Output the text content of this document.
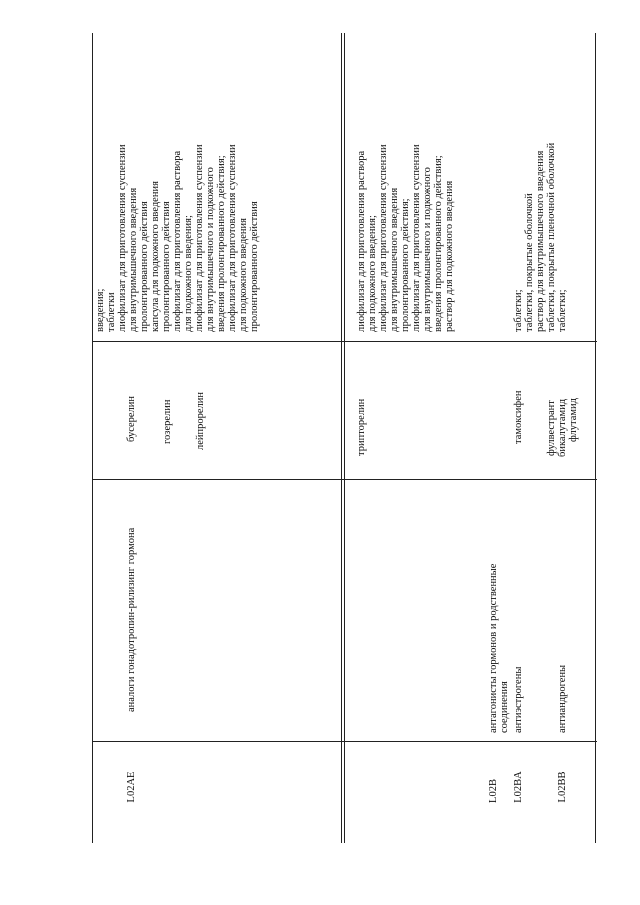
L02AE
аналоги гонадотропин-рилизинг гормона
бусерелин гозерелин лейпрорелин
введения; таблетки лиофилизат для приготовления суспензии для внутримышечного введения пролонгированного действия капсула для подкожного введения пролонгированного действия лиофилизат для приготовления раствора для подкожного введения; лиофилизат для приготовления суспензии для внутримышечного и подкожного введения пролонгированного действия; лиофилизат для приготовления суспензии для подкожного введения пролонгированного действия
трипторелин
лиофилизат для приготовления раствора для подкожного введения; лиофилизат для приготовления суспензии для внутримышечного введения пролонгированного действия; лиофилизат для приготовления суспензии для внутримышечного и подкожного введения пролонгированного действия; раствор для подкожного введения
L02B L02BA	L02BB
антагонисты гормонов и родственные соединения антиэстрогены	антиандрогены
тамоксифен фулвестрант бикалутамид флутамид
таблетки; таблетки, покрытые оболочкой раствор для внутримышечного введения таблетки, покрытые пленочной оболочкой таблетки;
